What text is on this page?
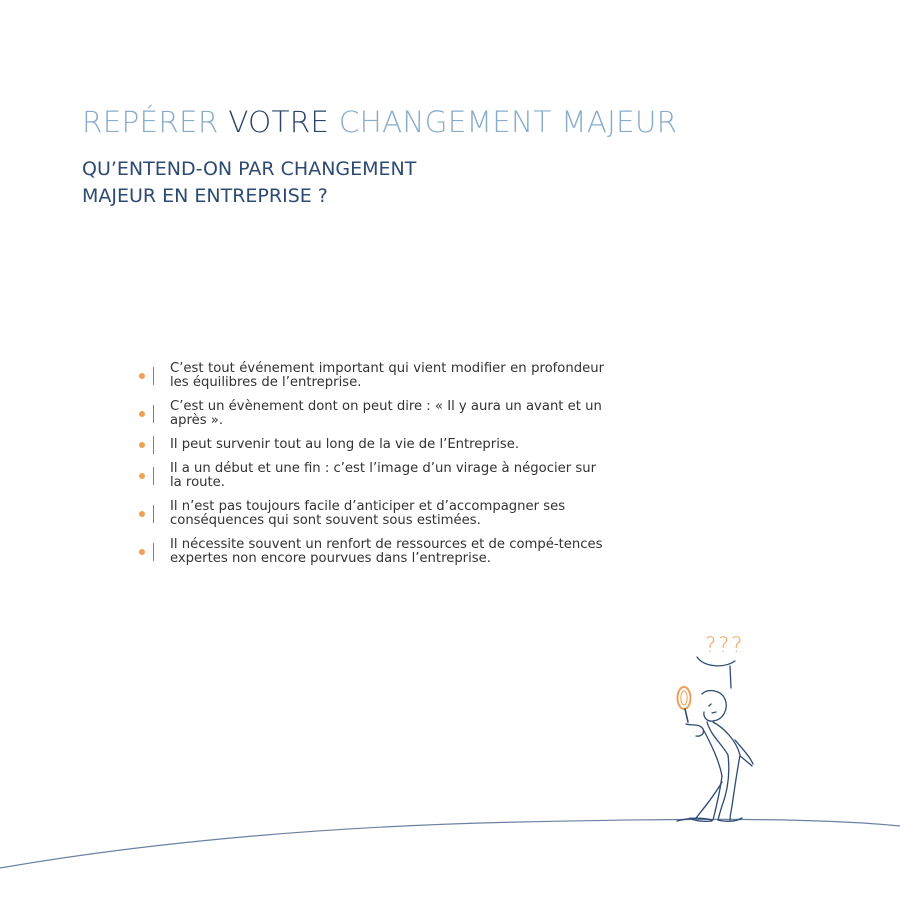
REPÉRER VOTRE CHANGEMENT MAJEUR
QU’ENTEND-ON PAR CHANGEMENT
MAJEUR EN ENTREPRISE ?
C’est tout événement important qui vient modifier en profondeur les équilibres de l’entreprise.
C’est un évènement dont on peut dire : « Il y aura un avant et un après ».
Il peut survenir tout au long de la vie de l’Entreprise.
Il a un début et une fin : c’est l’image d’un virage à négocier sur la route.
Il n’est pas toujours facile d’anticiper et d’accompagner ses conséquences qui sont souvent sous estimées.
Il nécessite souvent un renfort de ressources et de compé-tences expertes non encore pourvues dans l’entreprise.
???
